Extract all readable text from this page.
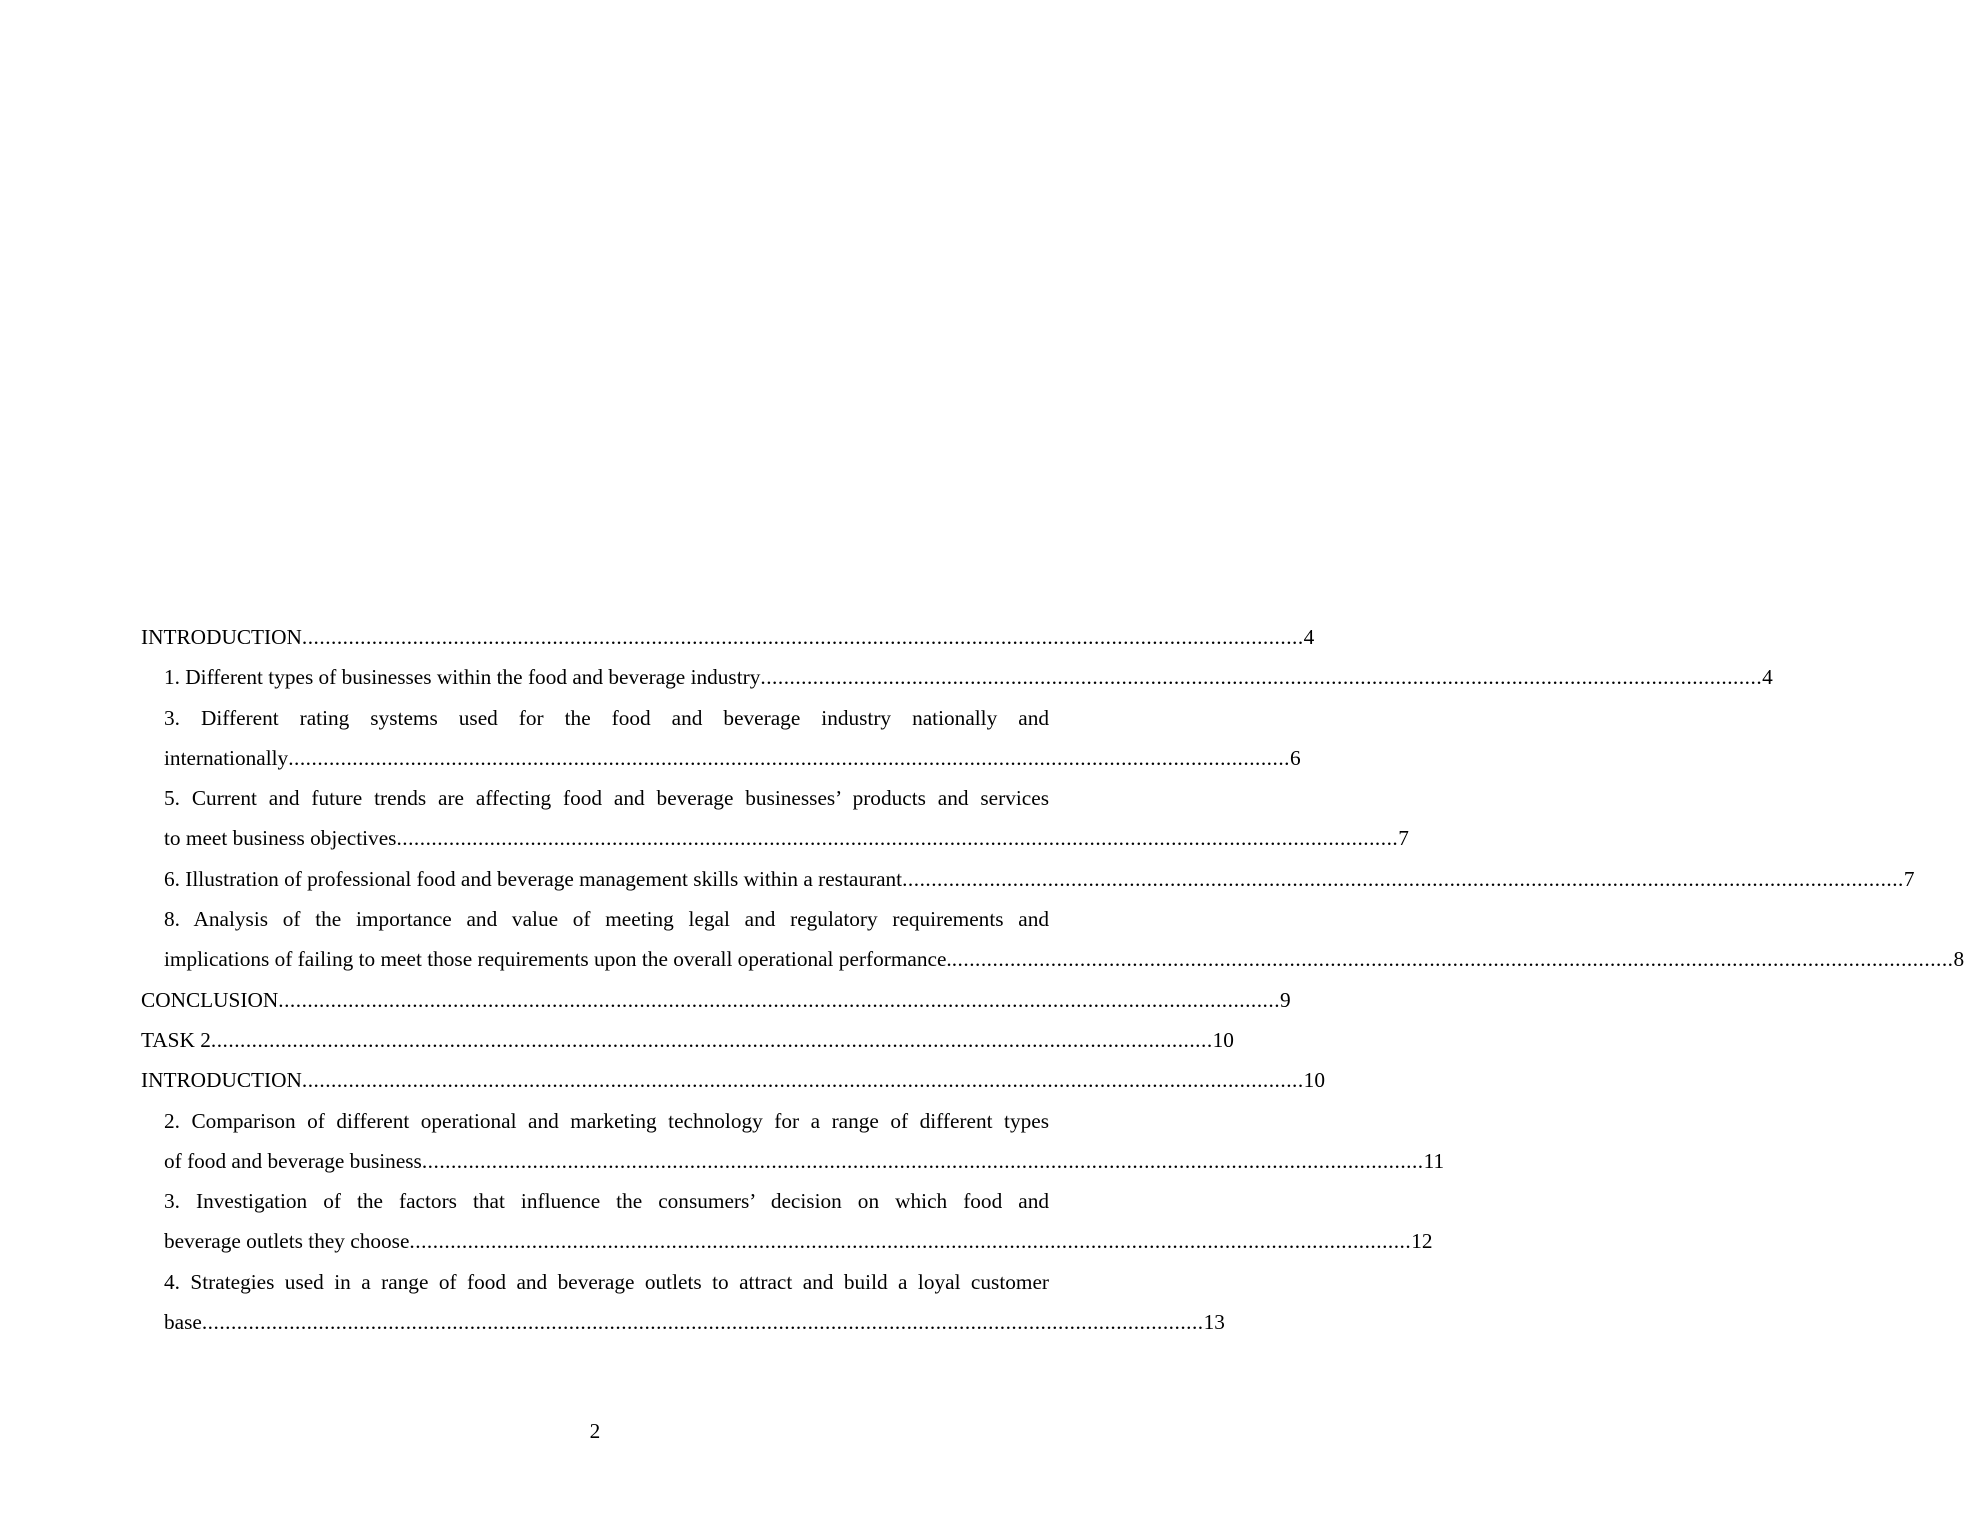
INTRODUCTION ............................................................................................................................................................................ 4
1. Different types of businesses within the food and beverage industry ............................................................................................................................................................................ 4
3. Different rating systems used for the food and beverage industry nationally and
internationally ............................................................................................................................................................................ 6
5. Current and future trends are affecting food and beverage businesses’ products and services
to meet business objectives ............................................................................................................................................................................ 7
6. Illustration of professional food and beverage management skills within a restaurant ............................................................................................................................................................................ 7
8. Analysis of the importance and value of meeting legal and regulatory requirements and
implications of failing to meet those requirements upon the overall operational performance. ............................................................................................................................................................................ 8
CONCLUSION ............................................................................................................................................................................ 9
TASK 2 ............................................................................................................................................................................ 10
INTRODUCTION ............................................................................................................................................................................ 10
2. Comparison of different operational and marketing technology for a range of different types
of food and beverage business ............................................................................................................................................................................ 11
3. Investigation of the factors that influence the consumers’ decision on which food and
beverage outlets they choose ............................................................................................................................................................................ 12
4. Strategies used in a range of food and beverage outlets to attract and build a loyal customer
base ............................................................................................................................................................................ 13
2
